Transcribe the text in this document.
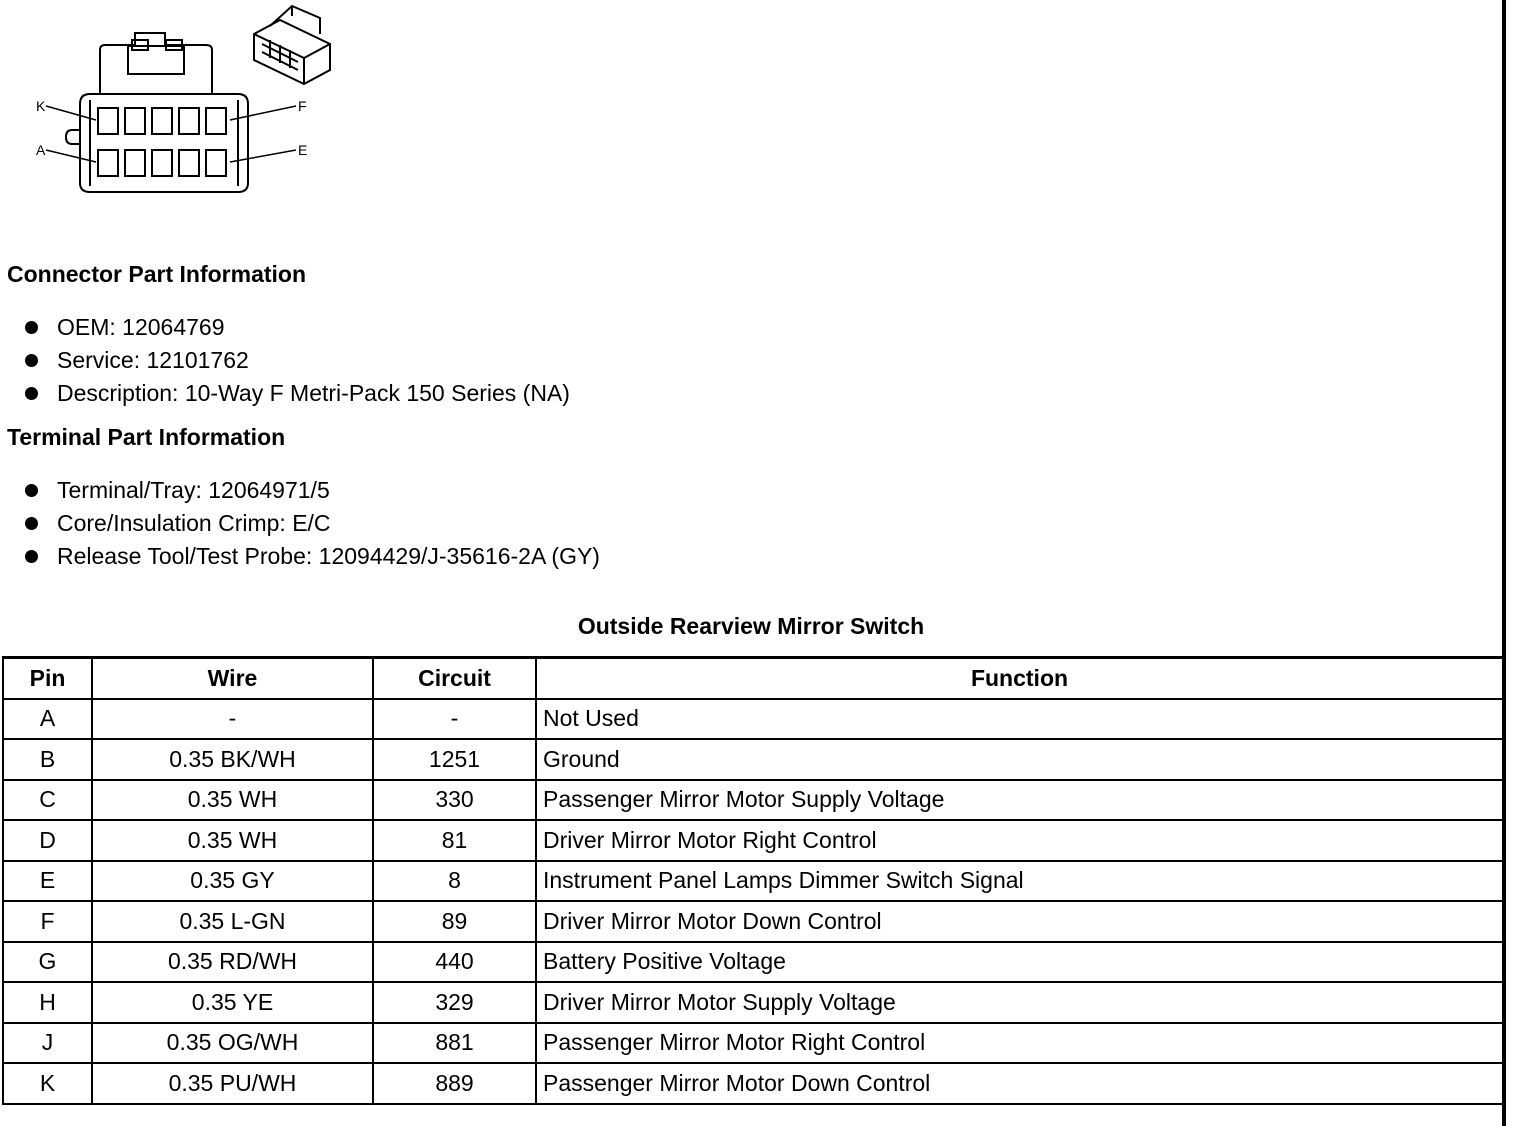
K
A
F
E
Connector Part Information
OEM: 12064769
Service: 12101762
Description: 10-Way F Metri-Pack 150 Series (NA)
Terminal Part Information
Terminal/Tray: 12064971/5
Core/Insulation Crimp: E/C
Release Tool/Test Probe: 12094429/J-35616-2A (GY)
Outside Rearview Mirror Switch
Pin	Wire	Circuit	Function
A	-	-	Not Used
B	0.35 BK/WH	1251	Ground
C	0.35 WH	330	Passenger Mirror Motor Supply Voltage
D	0.35 WH	81	Driver Mirror Motor Right Control
E	0.35 GY	8	Instrument Panel Lamps Dimmer Switch Signal
F	0.35 L-GN	89	Driver Mirror Motor Down Control
G	0.35 RD/WH	440	Battery Positive Voltage
H	0.35 YE	329	Driver Mirror Motor Supply Voltage
J	0.35 OG/WH	881	Passenger Mirror Motor Right Control
K	0.35 PU/WH	889	Passenger Mirror Motor Down Control
